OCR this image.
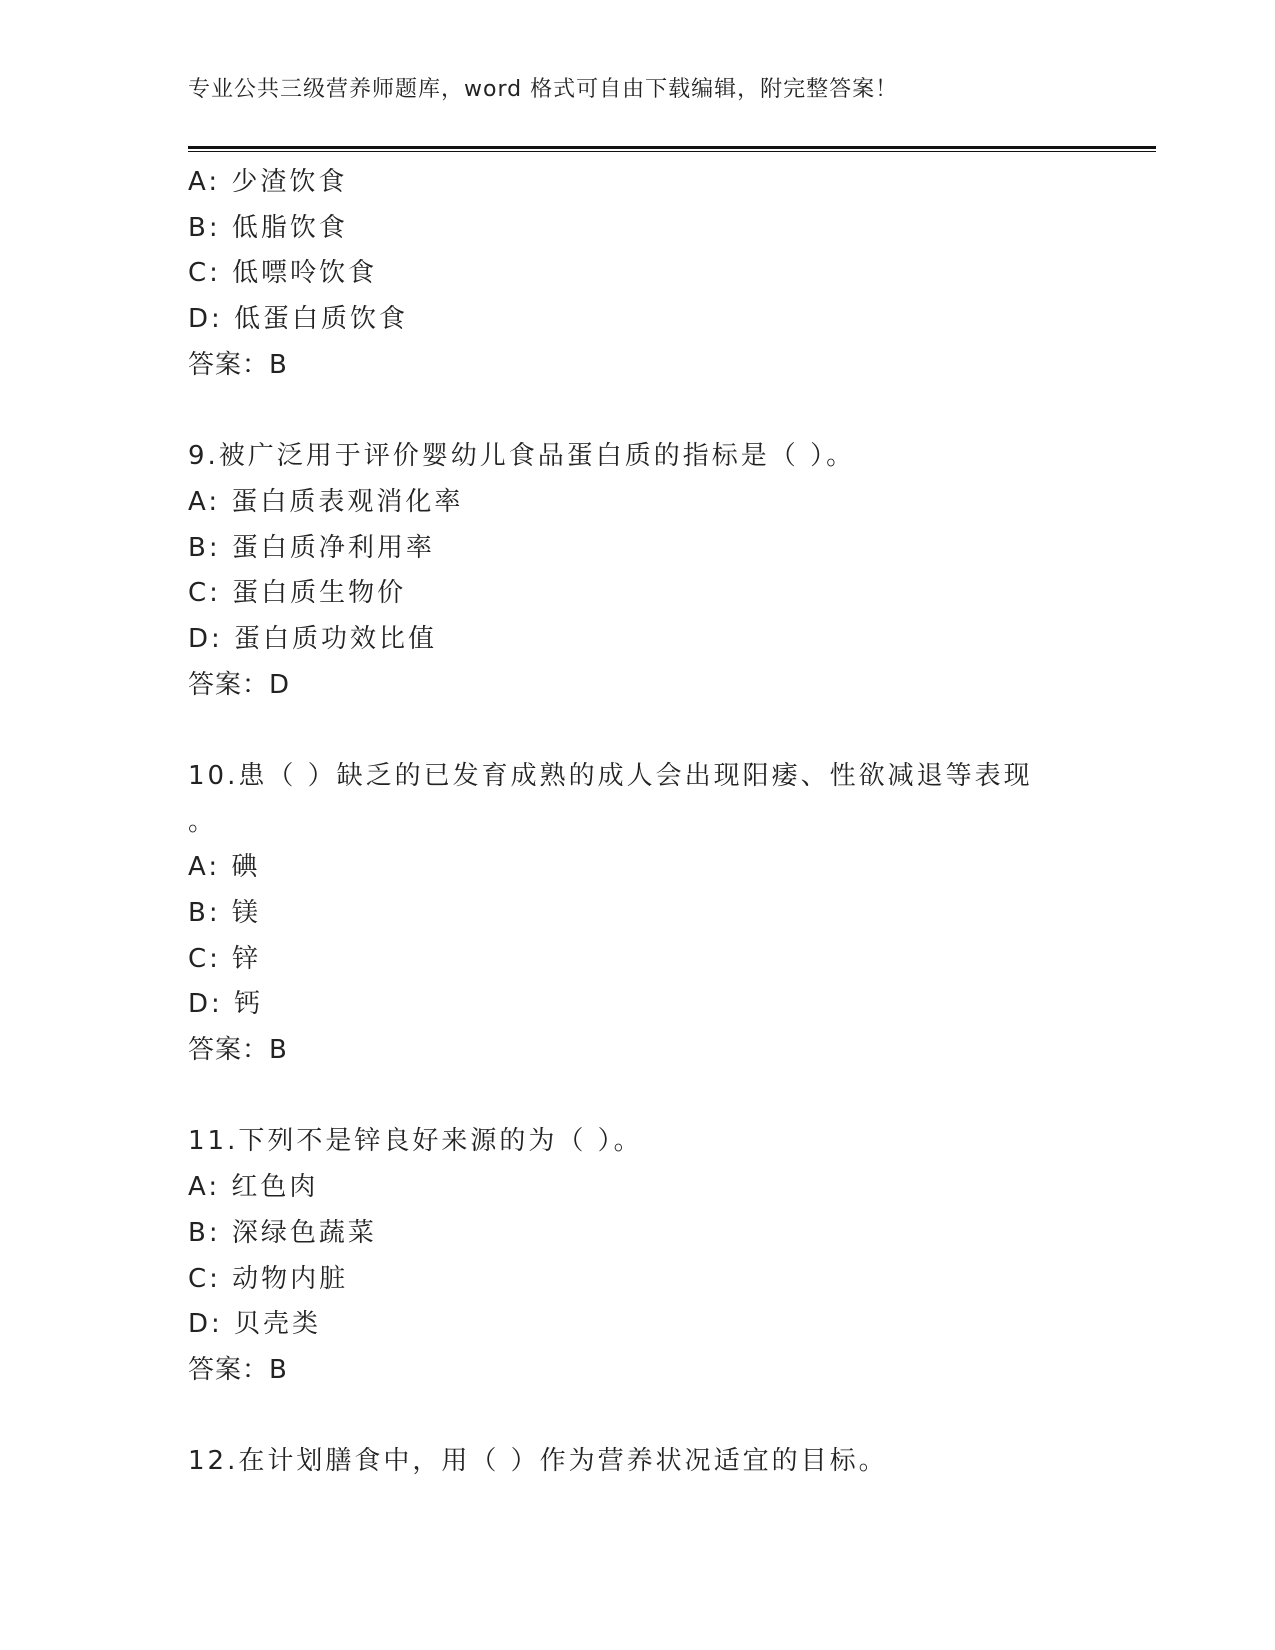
专业公共三级营养师题库，word 格式可自由下载编辑，附完整答案！
A: 少渣饮食
B: 低脂饮食
C: 低嘌呤饮食
D: 低蛋白质饮食
答案：B
9.被广泛用于评价婴幼儿食品蛋白质的指标是（ ）。
A: 蛋白质表观消化率
B: 蛋白质净利用率
C: 蛋白质生物价
D: 蛋白质功效比值
答案：D
10.患（ ）缺乏的已发育成熟的成人会出现阳痿、性欲减退等表现
。
A: 碘
B: 镁
C: 锌
D: 钙
答案：B
11.下列不是锌良好来源的为（ ）。
A: 红色肉
B: 深绿色蔬菜
C: 动物内脏
D: 贝壳类
答案：B
12.在计划膳食中，用（ ）作为营养状况适宜的目标。
